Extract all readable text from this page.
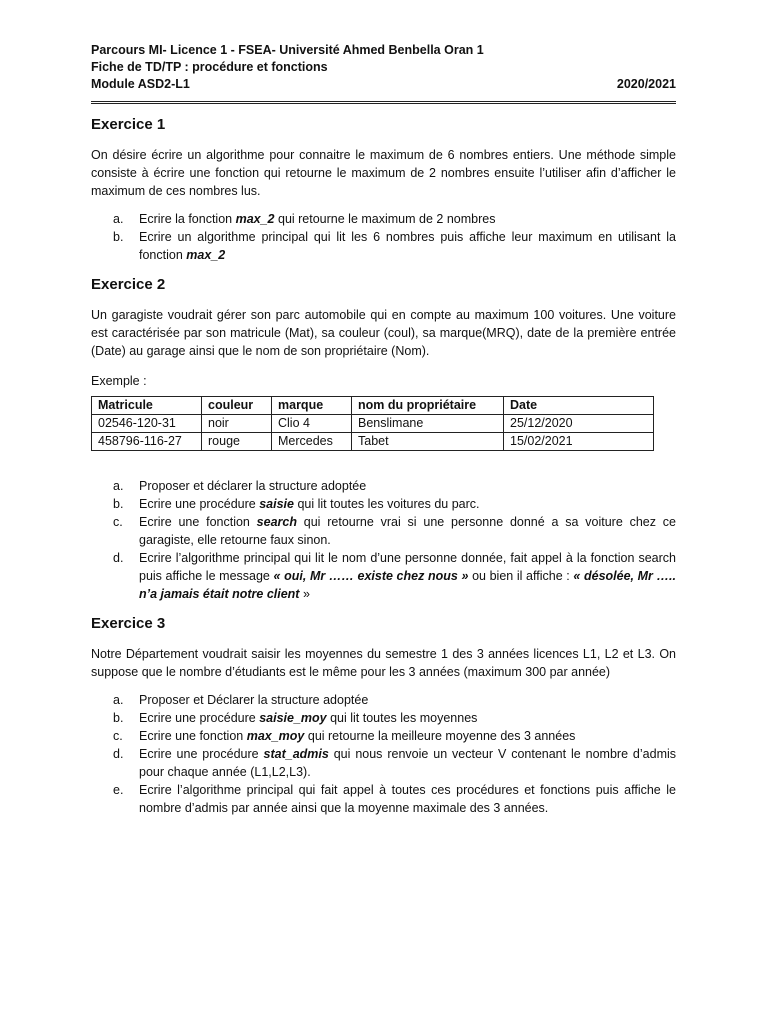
Parcours MI- Licence 1 - FSEA- Université Ahmed Benbella Oran 1
Fiche de TD/TP : procédure et fonctions
Module ASD2-L1	2020/2021
Exercice 1
On désire écrire un algorithme pour connaitre le maximum de 6 nombres entiers. Une méthode simple consiste à écrire une fonction qui retourne le maximum de 2 nombres ensuite l’utiliser afin d’afficher le maximum de ces nombres lus.
a. Ecrire la fonction max_2 qui retourne le maximum de 2 nombres
b. Ecrire un algorithme principal qui lit les 6 nombres puis affiche leur maximum en utilisant la fonction max_2
Exercice 2
Un garagiste voudrait gérer son parc automobile qui en compte au maximum 100 voitures. Une voiture est caractérisée par son matricule (Mat), sa couleur (coul), sa marque(MRQ), date de la première entrée (Date) au garage ainsi que le nom de son propriétaire (Nom).
Exemple :
Matricule	couleur	marque	nom du propriétaire	Date
02546-120-31	noir	Clio 4	Benslimane	25/12/2020
458796-116-27	rouge	Mercedes	Tabet	15/02/2021
a. Proposer et déclarer la structure adoptée
b. Ecrire une procédure saisie qui lit toutes les voitures du parc.
c. Ecrire une fonction search qui retourne vrai si une personne donné a sa voiture chez ce garagiste, elle retourne faux sinon.
d. Ecrire l’algorithme principal qui lit le nom d’une personne donnée, fait appel à la fonction search puis affiche le message « oui, Mr …… existe chez nous » ou bien il affiche : « désolée, Mr ….. n’a jamais était notre client »
Exercice 3
Notre Département voudrait saisir les moyennes du semestre 1 des 3 années licences L1, L2 et L3. On suppose que le nombre d’étudiants est le même pour les 3 années (maximum 300 par année)
a. Proposer et Déclarer la structure adoptée
b. Ecrire une procédure saisie_moy qui lit toutes les moyennes
c. Ecrire une fonction max_moy qui retourne la meilleure moyenne des 3 années
d. Ecrire une procédure stat_admis qui nous renvoie un vecteur V contenant le nombre d’admis pour chaque année (L1,L2,L3).
e. Ecrire l’algorithme principal qui fait appel à toutes ces procédures et fonctions puis affiche le nombre d’admis par année ainsi que la moyenne maximale des 3 années.
